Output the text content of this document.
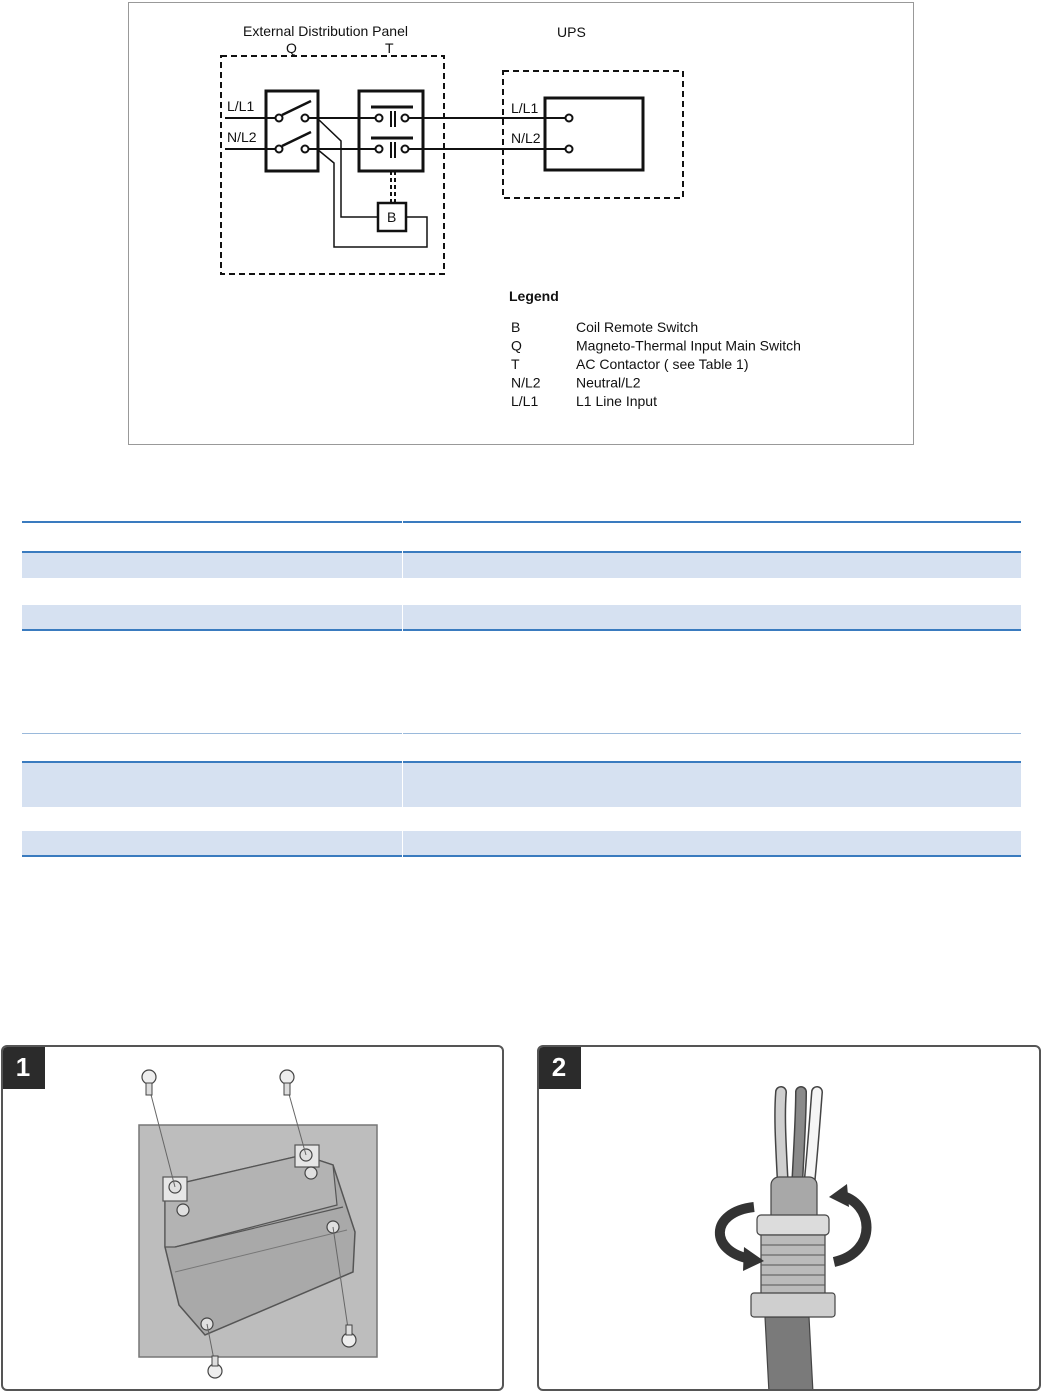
External Distribution Panel	UPS
L/L1
N/L2
Q	T
L/L1
N/L2
B
Legend
B	Coil Remote Switch
Q	Magneto-Thermal Input Main Switch
T	AC Contactor ( see Table 1)
N/L2	Neutral/L2
L/L1	L1 Line Input
1	2
